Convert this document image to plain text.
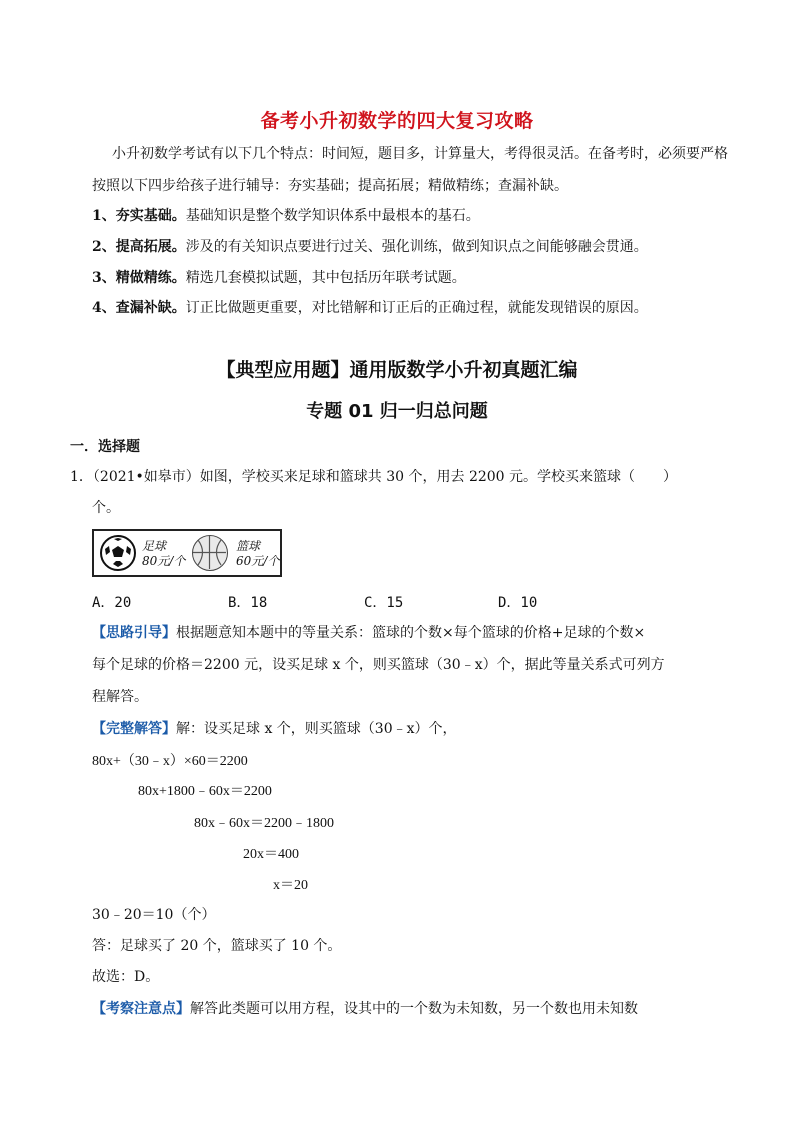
备考小升初数学的四大复习攻略
小升初数学考试有以下几个特点：时间短，题目多，计算量大，考得很灵活。在备考时，必须要严格
按照以下四步给孩子进行辅导：夯实基础；提高拓展；精做精练；查漏补缺。
1、夯实基础。基础知识是整个数学知识体系中最根本的基石。
2、提高拓展。涉及的有关知识点要进行过关、强化训练，做到知识点之间能够融会贯通。
3、精做精练。精选几套模拟试题，其中包括历年联考试题。
4、查漏补缺。订正比做题更重要，对比错解和订正后的正确过程，就能发现错误的原因。
【典型应用题】通用版数学小升初真题汇编
专题 01 归一归总问题
一．选择题
1．（2021•如皋市）如图，学校买来足球和篮球共 30 个，用去 2200 元。学校买来篮球（　　）
个。
足球
80元/个
篮球
60元/个
A．20	B．18	C．15	D．10
【思路引导】根据题意知本题中的等量关系：篮球的个数×每个篮球的价格+足球的个数×
每个足球的价格＝2200 元，设买足球 x 个，则买篮球（30﹣x）个，据此等量关系式可列方
程解答。
【完整解答】解：设买足球 x 个，则买篮球（30﹣x）个，
80x+（30﹣x）×60＝2200
80x+1800﹣60x＝2200
80x﹣60x＝2200﹣1800
20x＝400
x＝20
30﹣20＝10（个）
答：足球买了 20 个，篮球买了 10 个。
故选：D。
【考察注意点】解答此类题可以用方程，设其中的一个数为未知数，另一个数也用未知数
